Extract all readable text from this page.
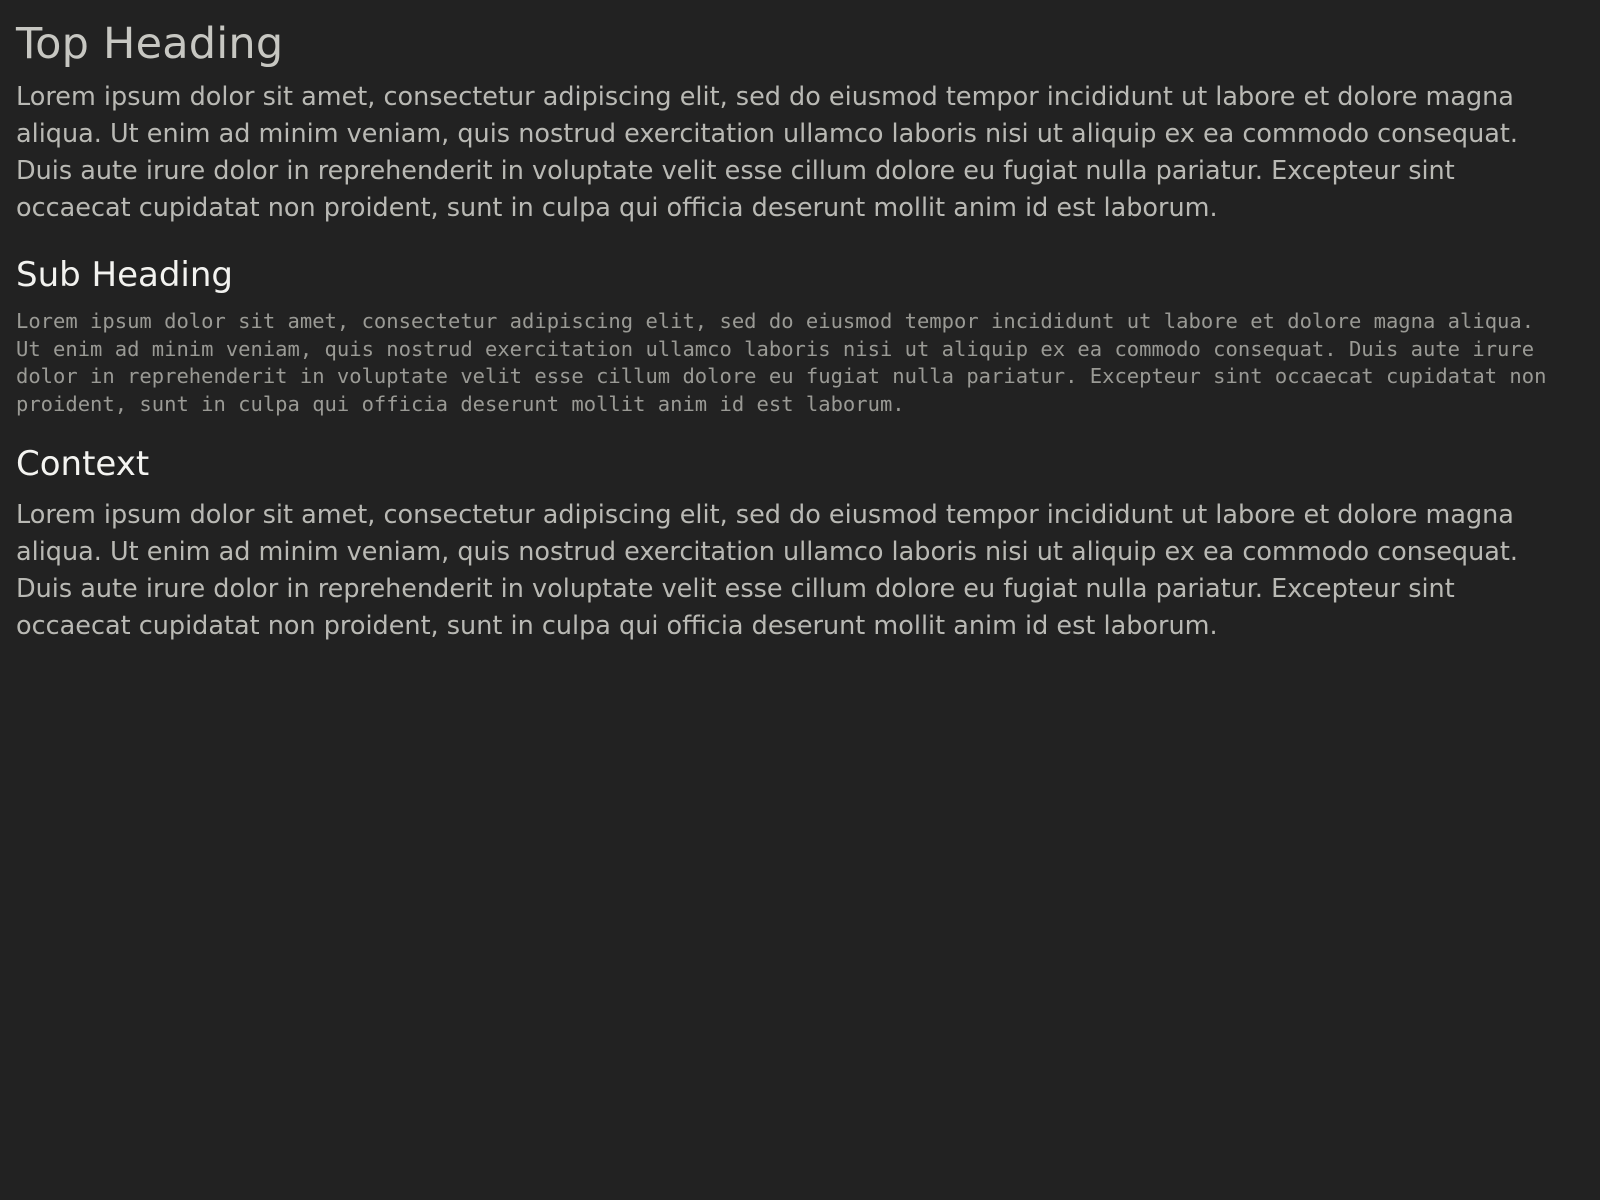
Top Heading

Lorem ipsum dolor sit amet, consectetur adipiscing elit, sed do eiusmod tempor incididunt ut labore et dolore magna aliqua. Ut enim ad minim veniam, quis nostrud exercitation ullamco laboris nisi ut aliquip ex ea commodo consequat. Duis aute irure dolor in reprehenderit in voluptate velit esse cillum dolore eu fugiat nulla pariatur. Excepteur sint occaecat cupidatat non proident, sunt in culpa qui officia deserunt mollit anim id est laborum.

Sub Heading
Lorem ipsum dolor sit amet, consectetur adipiscing elit, sed do eiusmod tempor incididunt ut labore et dolore magna aliqua. Ut enim ad minim veniam, quis nostrud exercitation ullamco laboris nisi ut aliquip ex ea commodo consequat. Duis aute irure dolor in reprehenderit in voluptate velit esse cillum dolore eu fugiat nulla pariatur. Excepteur sint occaecat cupidatat non proident, sunt in culpa qui officia deserunt mollit anim id est laborum.
Context

Lorem ipsum dolor sit amet, consectetur adipiscing elit, sed do eiusmod tempor incididunt ut labore et dolore magna aliqua. Ut enim ad minim veniam, quis nostrud exercitation ullamco laboris nisi ut aliquip ex ea commodo consequat. Duis aute irure dolor in reprehenderit in voluptate velit esse cillum dolore eu fugiat nulla pariatur. Excepteur sint occaecat cupidatat non proident, sunt in culpa qui officia deserunt mollit anim id est laborum.
